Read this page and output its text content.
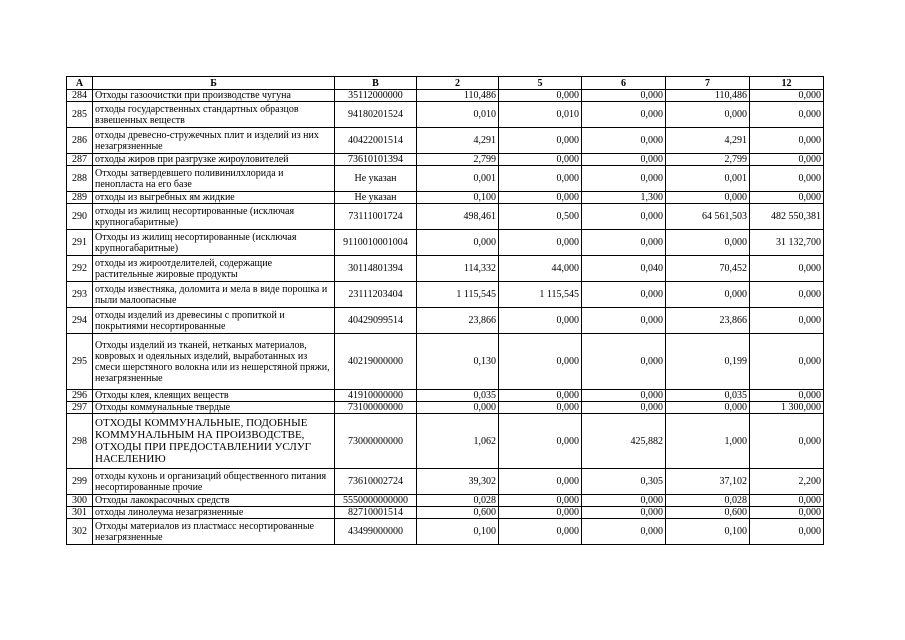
А	Б	В	2	5	6	7	12
284	Отходы газоочистки при производстве чугуна	35112000000	110,486	0,000	0,000	110,486	0,000
285	отходы государственных стандартных образцов взвешенных веществ	94180201524	0,010	0,010	0,000	0,000	0,000
286	отходы древесно-стружечных плит и изделий из них незагрязненные	40422001514	4,291	0,000	0,000	4,291	0,000
287	отходы жиров при разгрузке жироуловителей	73610101394	2,799	0,000	0,000	2,799	0,000
288	Отходы затвердевшего поливинилхлорида и пенопласта на его базе	Не указан	0,001	0,000	0,000	0,001	0,000
289	отходы из выгребных ям жидкие	Не указан	0,100	0,000	1,300	0,000	0,000
290	отходы из жилищ несортированные (исключая крупногабаритные)	73111001724	498,461	0,500	0,000	64 561,503	482 550,381
291	Отходы из жилищ несортированные (исключая крупногабаритные)	9110010001004	0,000	0,000	0,000	0,000	31 132,700
292	отходы из жироотделителей, содержащие растительные жировые продукты	30114801394	114,332	44,000	0,040	70,452	0,000
293	отходы известняка, доломита и мела в виде порошка и пыли малоопасные	23111203404	1 115,545	1 115,545	0,000	0,000	0,000
294	отходы изделий из древесины с пропиткой и покрытиями несортированные	40429099514	23,866	0,000	0,000	23,866	0,000
295	Отходы изделий из тканей, нетканых материалов, ковровых и одеяльных изделий, выработанных из смеси шерстяного волокна или из нешерстяной пряжи, незагрязненные	40219000000	0,130	0,000	0,000	0,199	0,000
296	Отходы клея, клеящих веществ	41910000000	0,035	0,000	0,000	0,035	0,000
297	Отходы коммунальные твердые	73100000000	0,000	0,000	0,000	0,000	1 300,000
298	ОТХОДЫ КОММУНАЛЬНЫЕ, ПОДОБНЫЕ КОММУНАЛЬНЫМ НА ПРОИЗВОДСТВЕ, ОТХОДЫ ПРИ ПРЕДОСТАВЛЕНИИ УСЛУГ НАСЕЛЕНИЮ	73000000000	1,062	0,000	425,882	1,000	0,000
299	отходы кухонь и организаций общественного питания несортированные прочие	73610002724	39,302	0,000	0,305	37,102	2,200
300	Отходы лакокрасочных средств	5550000000000	0,028	0,000	0,000	0,028	0,000
301	отходы линолеума незагрязненные	82710001514	0,600	0,000	0,000	0,600	0,000
302	Отходы материалов из пластмасс несортированные незагрязненные	43499000000	0,100	0,000	0,000	0,100	0,000
